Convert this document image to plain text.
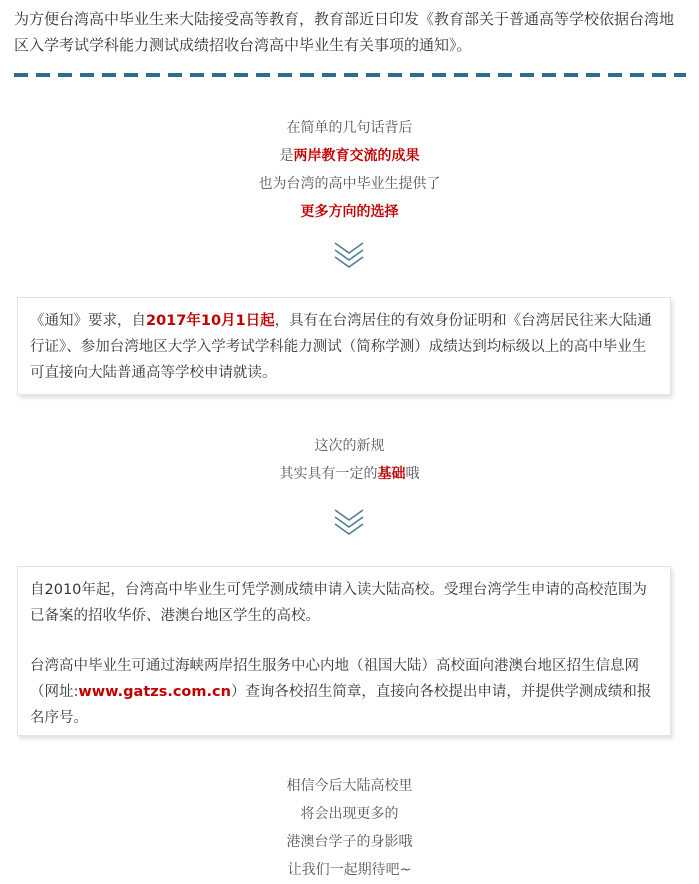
为方便台湾高中毕业生来大陆接受高等教育，教育部近日印发《教育部关于普通高等学校依据台湾地区入学考试学科能力测试成绩招收台湾高中毕业生有关事项的通知》。
在简单的几句话背后
是两岸教育交流的成果
也为台湾的高中毕业生提供了
更多方向的选择

《通知》要求，自2017年10月1日起，具有在台湾居住的有效身份证明和《台湾居民往来大陆通行证》、参加台湾地区大学入学考试学科能力测试（简称学测）成绩达到均标级以上的高中毕业生可直接向大陆普通高等学校申请就读。

这次的新规
其实具有一定的基础哦

自2010年起，台湾高中毕业生可凭学测成绩申请入读大陆高校。受理台湾学生申请的高校范围为已备案的招收华侨、港澳台地区学生的高校。

台湾高中毕业生可通过海峡两岸招生服务中心内地（祖国大陆）高校面向港澳台地区招生信息网（网址:www.gatzs.com.cn）查询各校招生简章，直接向各校提出申请，并提供学测成绩和报名序号。

相信今后大陆高校里
将会出现更多的
港澳台学子的身影哦
让我们一起期待吧~
